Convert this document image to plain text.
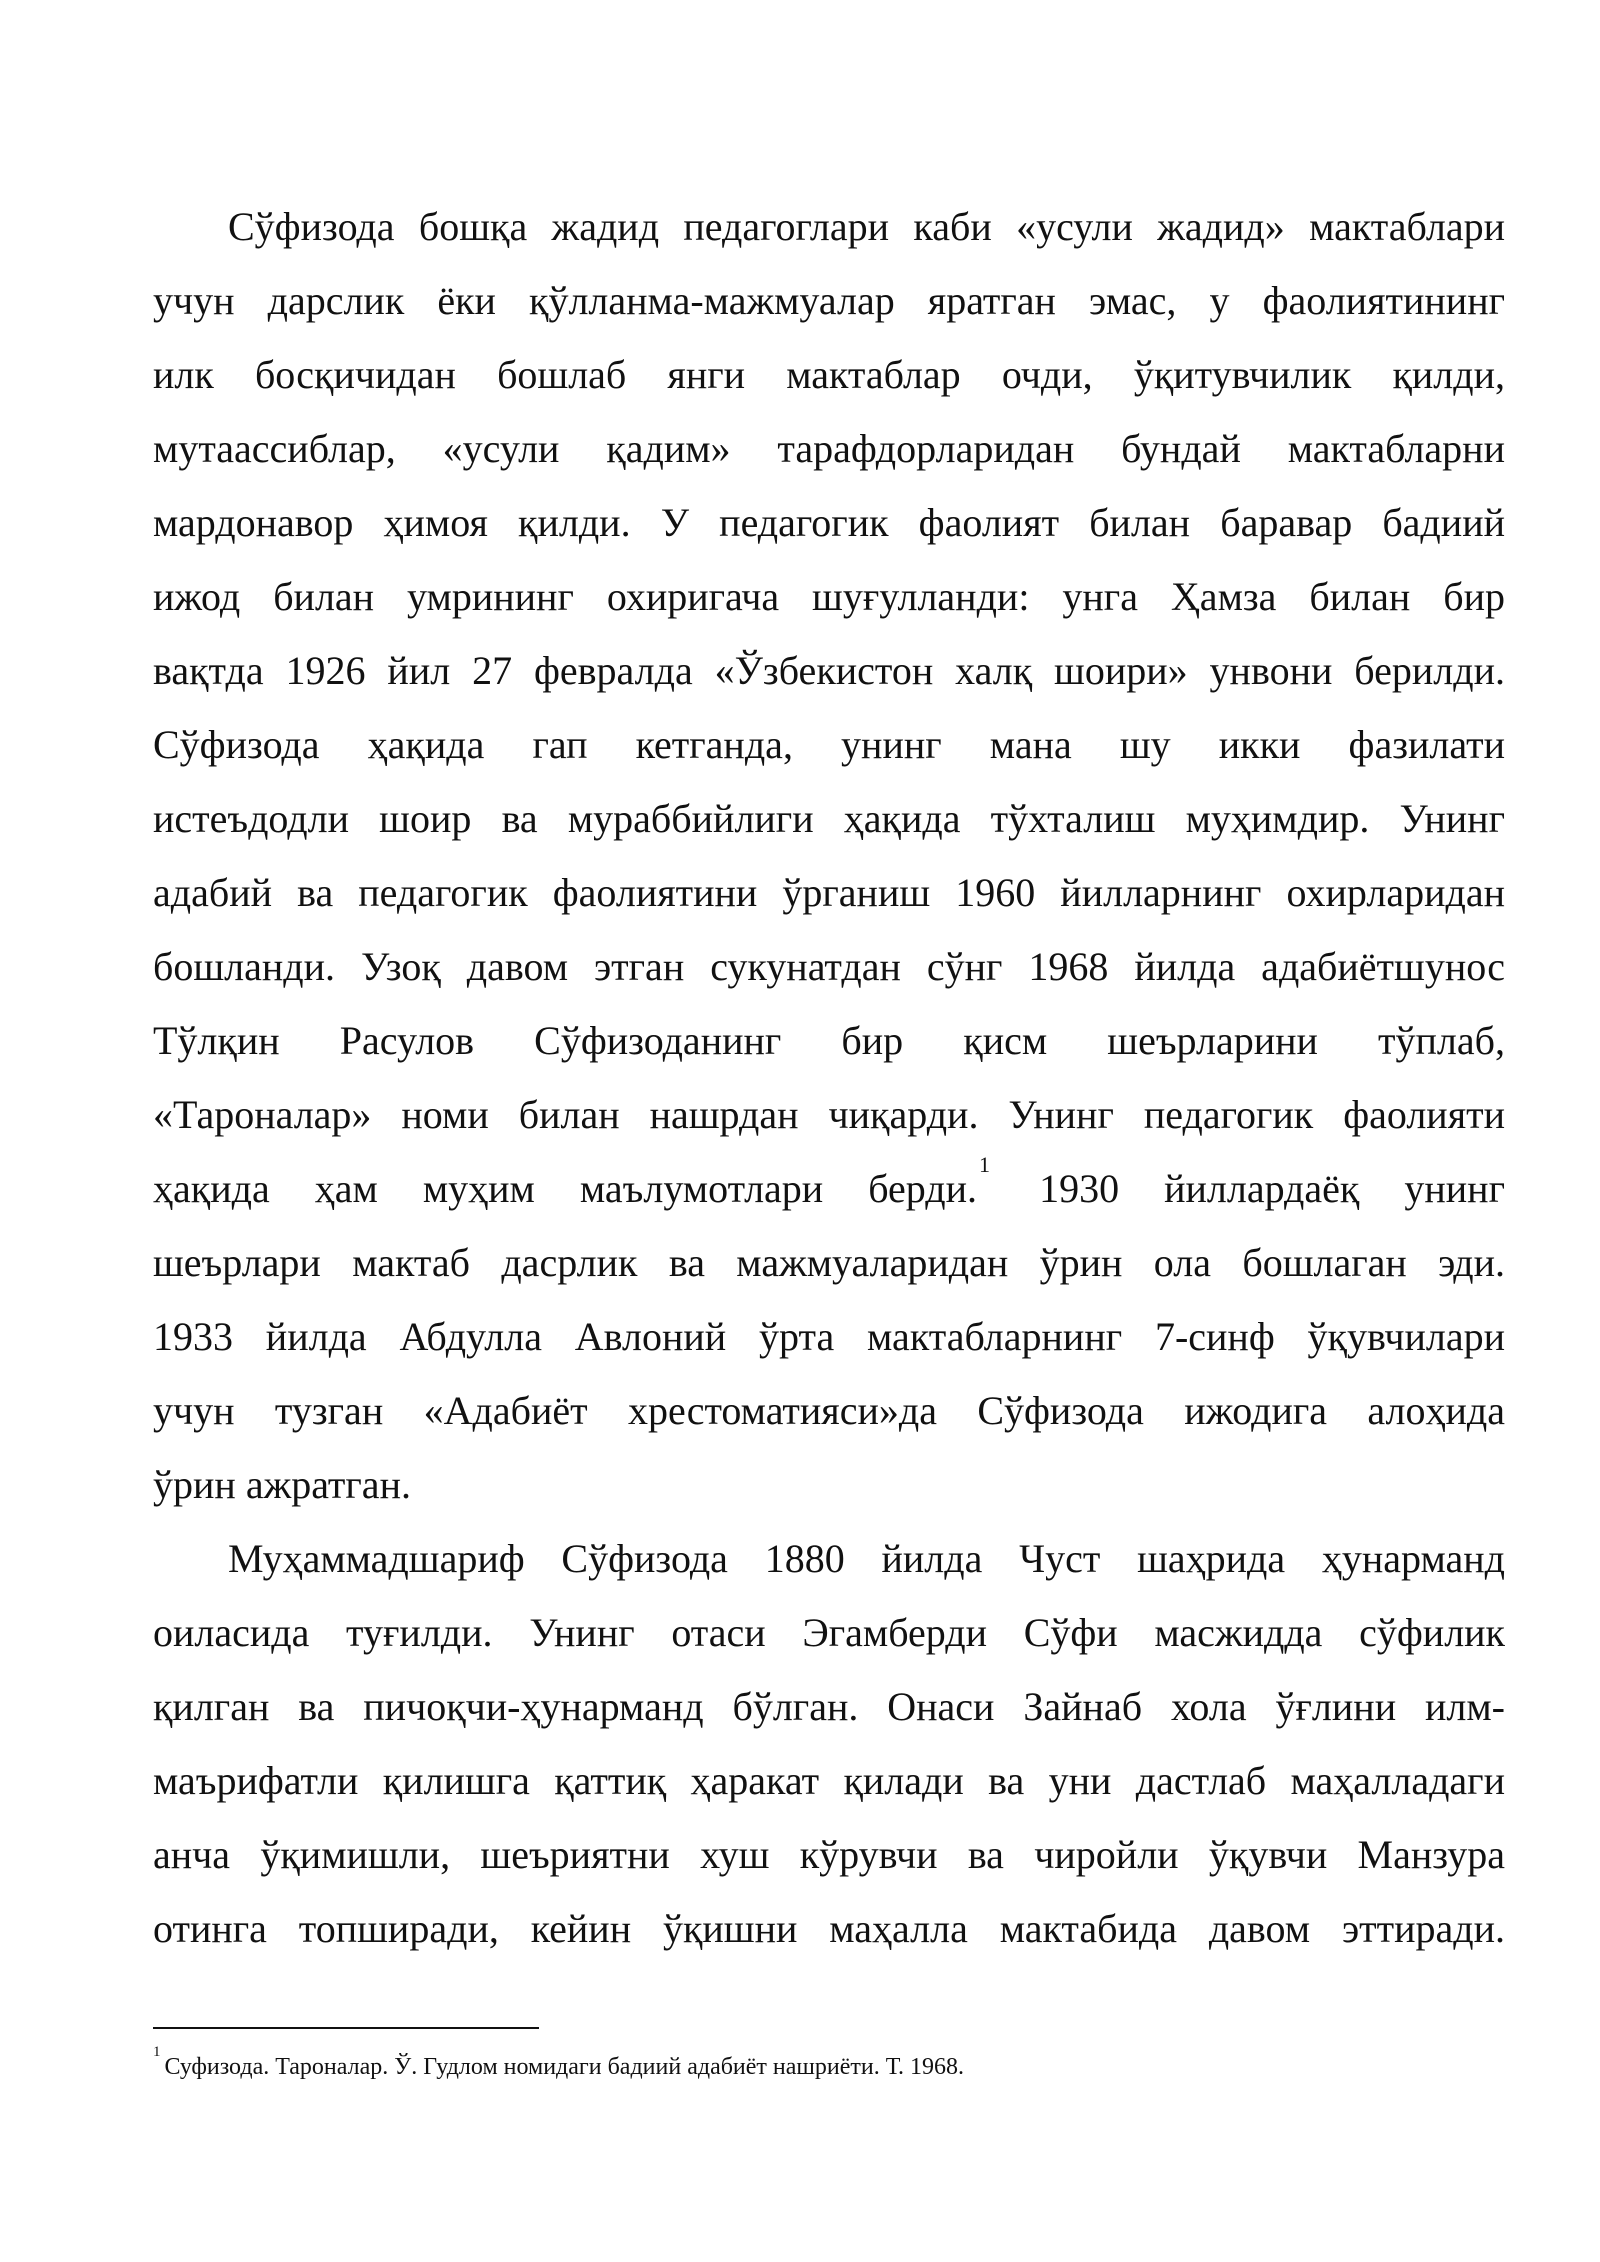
Сўфизода бошқа жадид педагоглари каби «усули жадид» мактаблари
учун дарслик ёки қўлланма-мажмуалар яратган эмас, у фаолиятининг
илк босқичидан бошлаб янги мактаблар очди, ўқитувчилик қилди,
мутаассиблар, «усули қадим» тарафдорларидан бундай мактабларни
мардонавор ҳимоя қилди. У педагогик фаолият билан баравар бадиий
ижод билан умрининг охиригача шуғулланди: унга Ҳамза билан бир
вақтда 1926 йил 27 февралда «Ўзбекистон халқ шоири» унвони берилди.
Сўфизода ҳақида гап кетганда, унинг мана шу икки фазилати
истеъдодли шоир ва мураббийлиги ҳақида тўхталиш муҳимдир. Унинг
адабий ва педагогик фаолиятини ўрганиш 1960 йилларнинг охирларидан
бошланди. Узоқ давом этган сукунатдан сўнг 1968 йилда адабиётшунос
Тўлқин Расулов Сўфизоданинг бир қисм шеърларини тўплаб,
«Тароналар» номи билан нашрдан чиқарди. Унинг педагогик фаолияти
ҳақида ҳам муҳим маълумотлари берди.$^1$ 1930 йиллардаёқ унинг
шеърлари мактаб дасрлик ва мажмуаларидан ўрин ола бошлаган эди.
1933 йилда Абдулла Авлоний ўрта мактабларнинг 7-синф ўқувчилари
учун тузган «Адабиёт хрестоматияси»да Сўфизода ижодига алоҳида
ўрин ажратган.
Муҳаммадшариф Сўфизода 1880 йилда Чуст шаҳрида ҳунарманд
оиласида туғилди. Унинг отаси Эгамберди Сўфи масжидда сўфилик
қилган ва пичоқчи-ҳунарманд бўлган. Онаси Зайнаб хола ўғлини илм-
маърифатли қилишга қаттиқ ҳаракат қилади ва уни дастлаб маҳалладаги
анча ўқимишли, шеъриятни хуш кўрувчи ва чиройли ўқувчи Манзура
отинга топширади, кейин ўқишни маҳалла мактабида давом эттиради.
$^1$Суфизода. Тароналар. Ў. Гудлом номидаги бадиий адабиёт нашриёти. Т. 1968.
